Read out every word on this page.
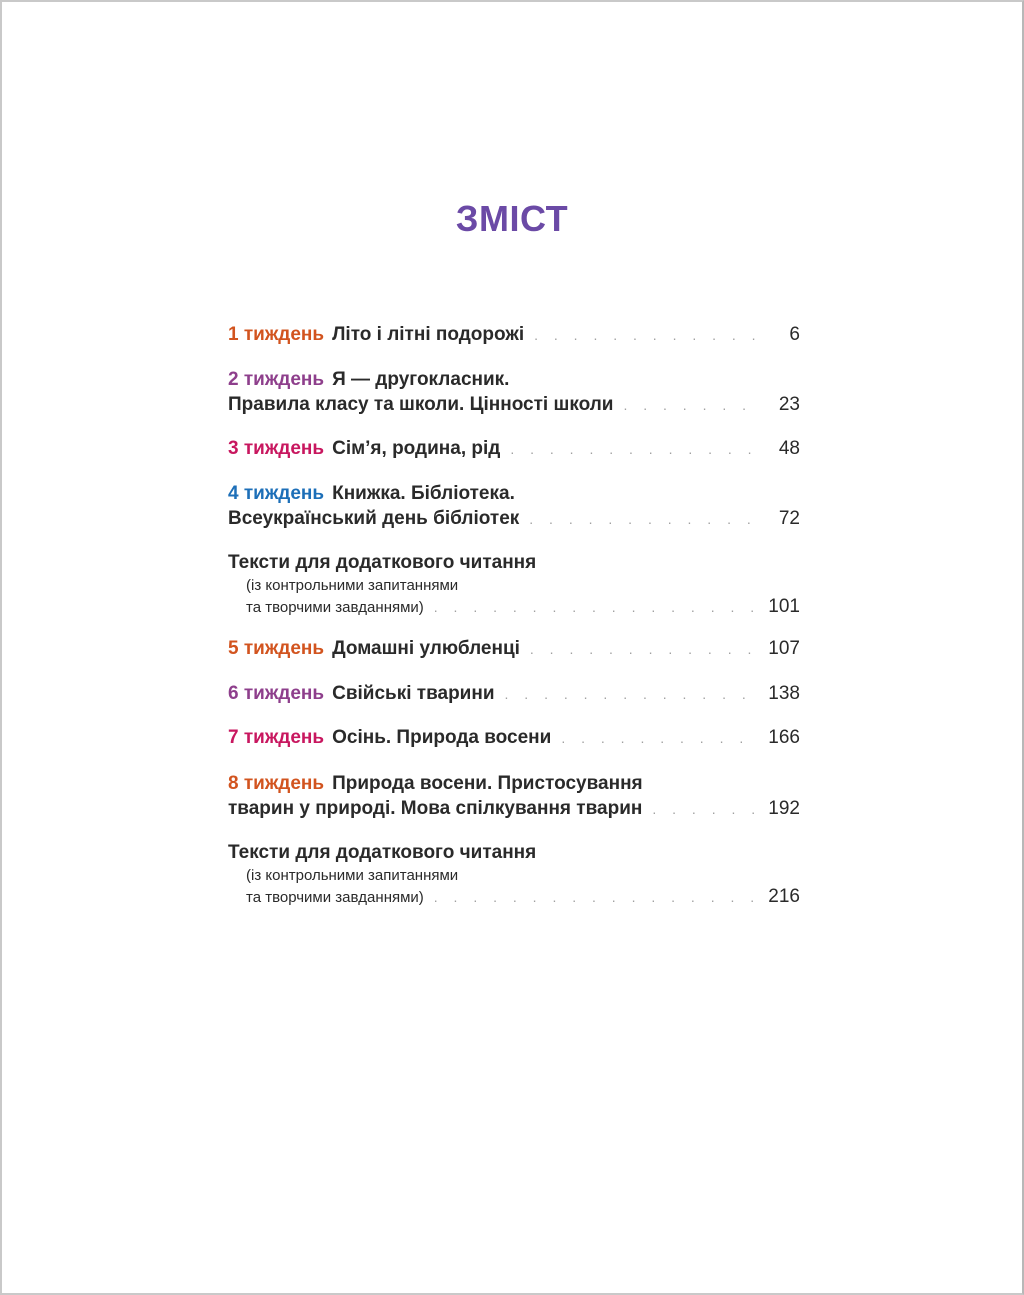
ЗМІСТ
1 тиждень Літо і літні подорожі . . .	6
2 тиждень Я — другокласник.
Правила класу та школи. Цінності школи . . .	23
3 тиждень Сім’я, родина, рід . . .	48
4 тиждень Книжка. Бібліотека.
Всеукраїнський день бібліотек . . .	72
Тексти для додаткового читання
(із контрольними запитаннями
та творчими завданнями) . . .	101
5 тиждень Домашні улюбленці . . .	107
6 тиждень Свійські тварини . . .	138
7 тиждень Осінь. Природа восени . . .	166
8 тиждень Природа восени. Пристосування
тварин у природі. Мова спілкування тварин . . .	192
Тексти для додаткового читання
(із контрольними запитаннями
та творчими завданнями) . . .	216
